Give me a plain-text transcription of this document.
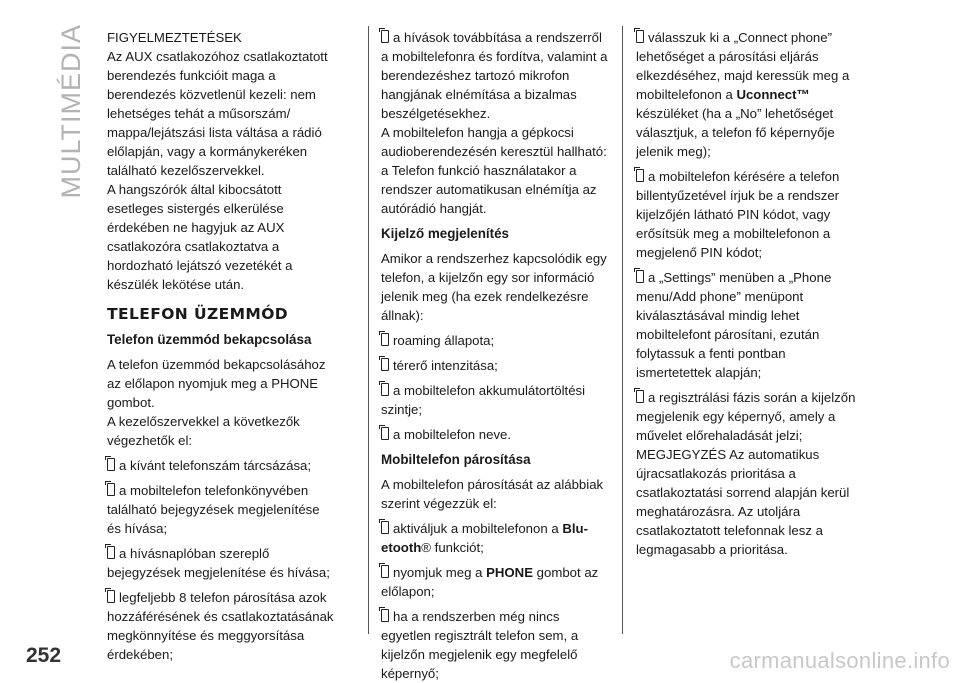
MULTIMÉDIA
252	carmanualsonline.info

FIGYELMEZTETÉSEK

Az AUX csatlakozóhoz csatlakoztatott berendezés funkcióit maga a berendezés közvetlenül kezeli: nem lehetséges tehát a műsorszám/ mappa/lejátszási lista váltása a rádió előlapján, vagy a kormánykeréken található kezelőszervekkel.

A hangszórók által kibocsátott esetleges sistergés elkerülése érdekében ne hagyjuk az AUX csatlakozóra csatlakoztatva a hordozható lejátszó vezetékét a készülék lekötése után.

TELEFON ÜZEMMÓD
Telefon üzemmód bekapcsolása

A telefon üzemmód bekapcsolásához az előlapon nyomjuk meg a PHONE gombot.

A kezelőszervekkel a következők végezhetők el:

a kívánt telefonszám tárcsázása;

a mobiltelefon telefonkönyvében található bejegyzések megjelenítése és hívása;

a hívásnaplóban szereplő bejegyzések megjelenítése és hívása;

legfeljebb 8 telefon párosítása azok hozzáférésének és csatlakoztatásának megkönnyítése és meggyorsítása érdekében;

a hívások továbbítása a rendszerről a mobiltelefonra és fordítva, valamint a berendezéshez tartozó mikrofon hangjának elnémítása a bizalmas beszélgetésekhez.

A mobiltelefon hangja a gépkocsi audioberendezésén keresztül hallható: a Telefon funkció használatakor a rendszer automatikusan elnémítja az autórádió hangját.

Kijelző megjelenítés

Amikor a rendszerhez kapcsolódik egy telefon, a kijelzőn egy sor információ jelenik meg (ha ezek rendelkezésre állnak):

roaming állapota;

térerő intenzitása;

a mobiltelefon akkumulátortöltési szintje;

a mobiltelefon neve.

Mobiltelefon párosítása

A mobiltelefon párosítását az alábbiak szerint végezzük el:

aktiváljuk a mobiltelefonon a Blu-etooth® funkciót;

nyomjuk meg a PHONE gombot az előlapon;

ha a rendszerben még nincs egyetlen regisztrált telefon sem, a kijelzőn megjelenik egy megfelelő képernyő;

válasszuk ki a „Connect phone” lehetőséget a párosítási eljárás elkezdéséhez, majd keressük meg a mobiltelefonon a Uconnect™ készüléket (ha a „No” lehetőséget választjuk, a telefon fő képernyője jelenik meg);

a mobiltelefon kérésére a telefon billentyűzetével írjuk be a rendszer kijelzőjén látható PIN kódot, vagy erősítsük meg a mobiltelefonon a megjelenő PIN kódot;

a „Settings” menüben a „Phone menu/Add phone” menüpont kiválasztásával mindig lehet mobiltelefont párosítani, ezután folytassuk a fenti pontban ismertetettek alapján;

a regisztrálási fázis során a kijelzőn megjelenik egy képernyő, amely a művelet előrehaladását jelzi;

MEGJEGYZÉS Az automatikus újracsatlakozás prioritása a csatlakoztatási sorrend alapján kerül meghatározásra. Az utoljára csatlakoztatott telefonnak lesz a legmagasabb a prioritása.
